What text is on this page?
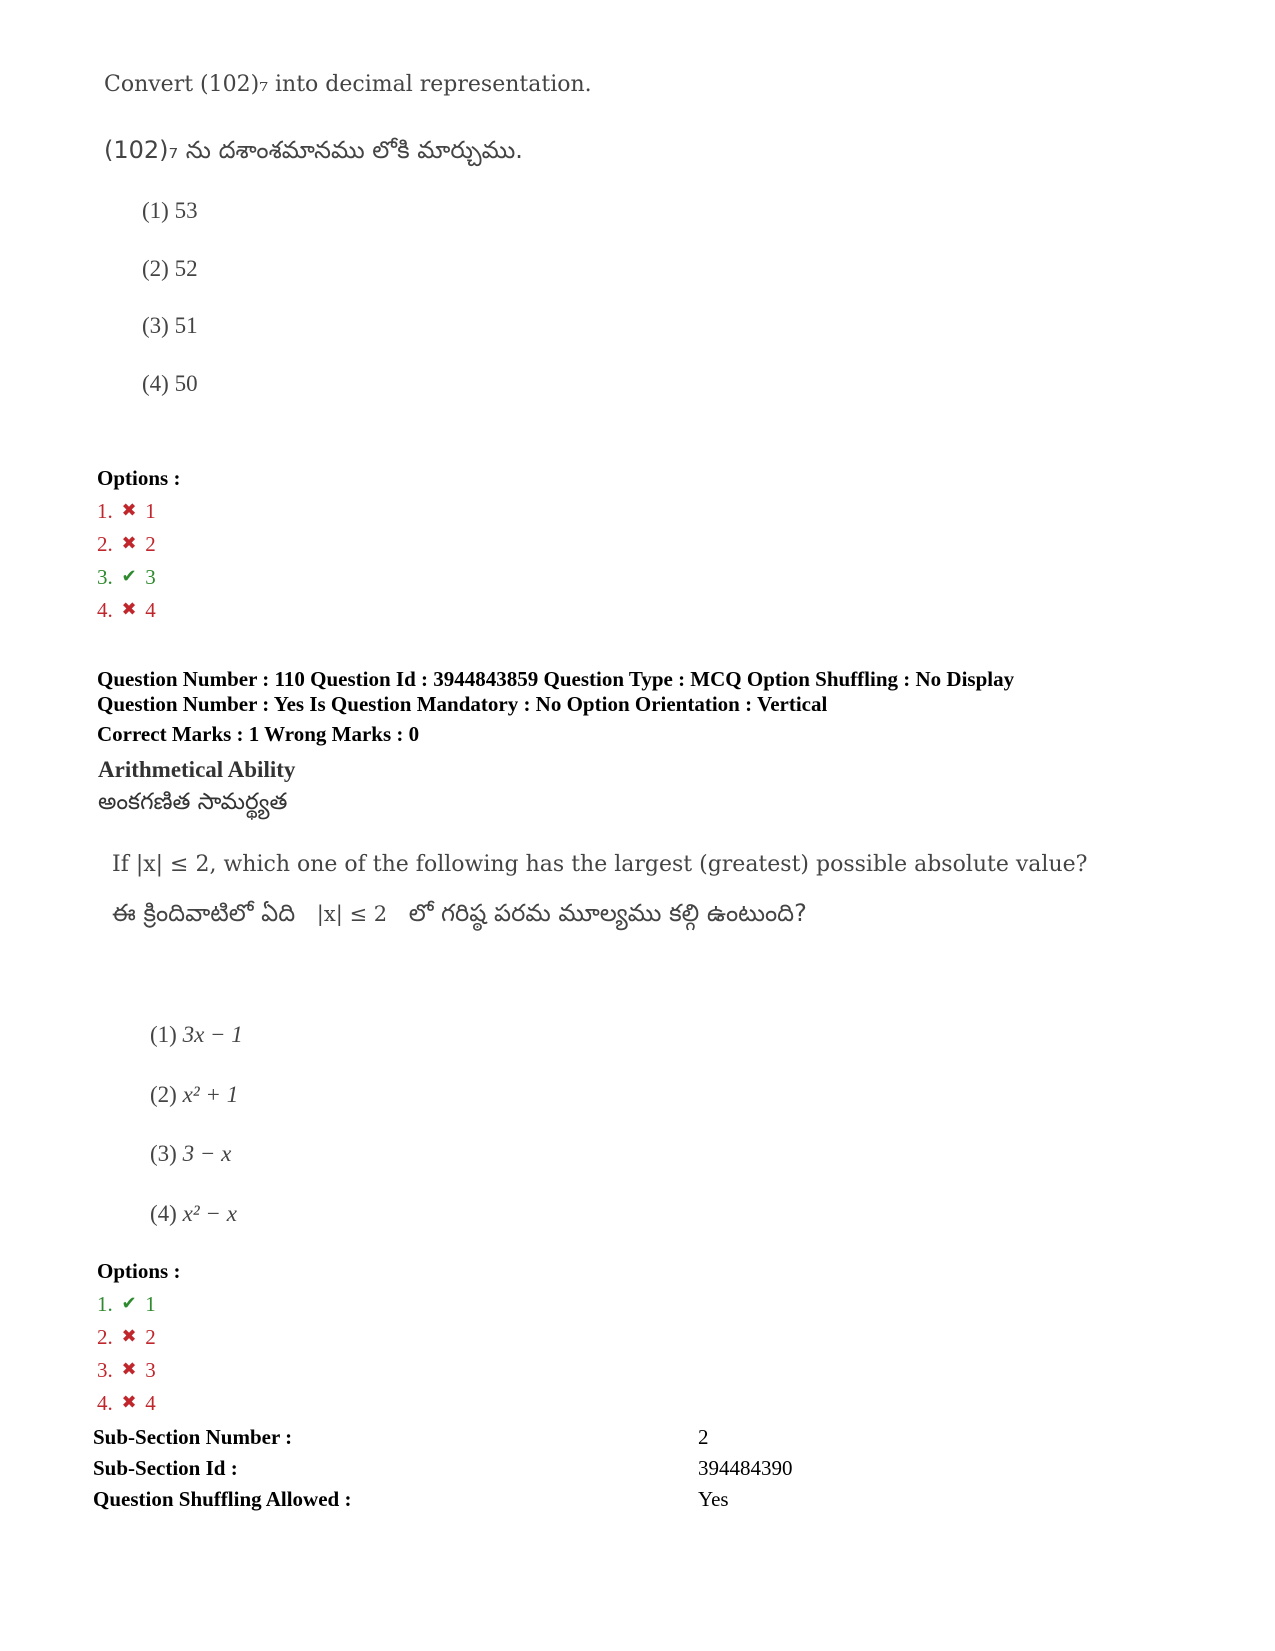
Convert (102)₇ into decimal representation.
(102)₇ ను దశాంశమానము లోకి మార్చుము.
(1) 53
(2) 52
(3) 51
(4) 50
Options :
1. ✖ 1
2. ✖ 2
3. ✔ 3
4. ✖ 4
Question Number : 110 Question Id : 3944843859 Question Type : MCQ Option Shuffling : No Display
Question Number : Yes Is Question Mandatory : No Option Orientation : Vertical
Correct Marks : 1 Wrong Marks : 0
Arithmetical Ability
అంకగణిత సామర్థ్యత
If |x| ≤ 2, which one of the following has the largest (greatest) possible absolute value?
ఈ క్రిందివాటిలో ఏది |x| ≤ 2 లో గరిష్ఠ పరమ మూల్యము కల్గి ఉంటుంది?
(1) 3x − 1
(2) x² + 1
(3) 3 − x
(4) x² − x
Options :
1. ✔ 1
2. ✖ 2
3. ✖ 3
4. ✖ 4
Sub-Section Number :	2
Sub-Section Id :	394484390
Question Shuffling Allowed :	Yes
